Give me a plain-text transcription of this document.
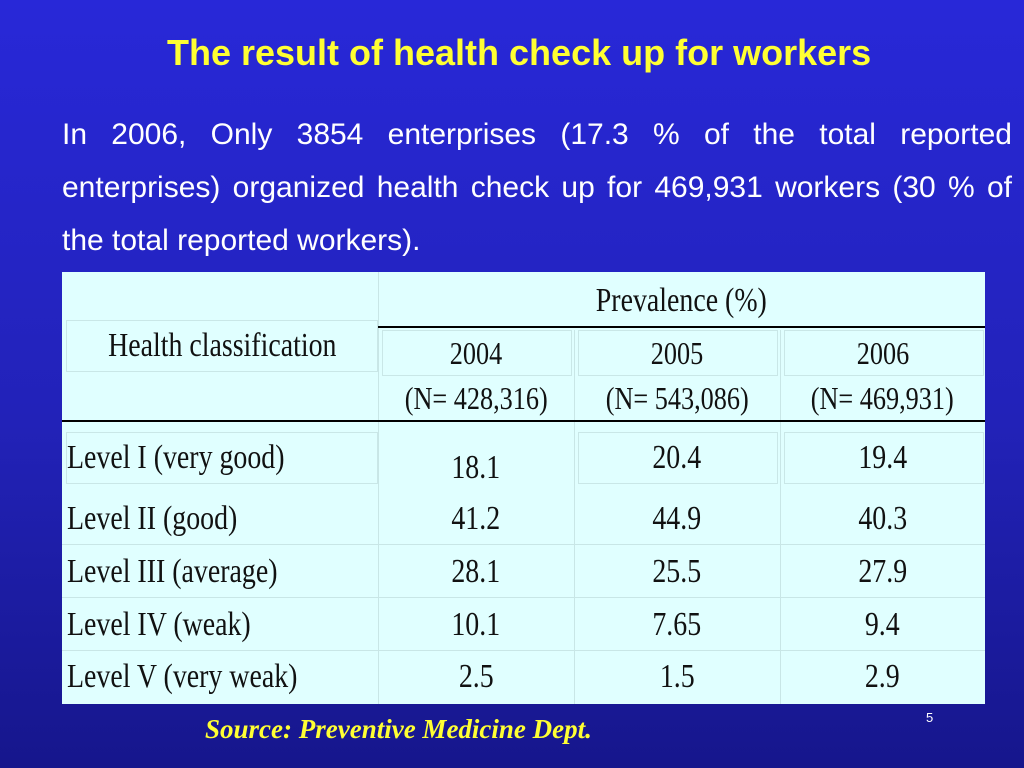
The result of health check up for workers

In 2006, Only 3854 enterprises (17.3 % of the total reported enterprises) organized health check up for 469,931 workers (30 % of the total reported workers).

Health classification
Prevalence (%)
2004	2005	2006
(N= 428,316) (N= 543,086) (N= 469,931)
Level I (very good)	18.1	20.4	19.4
Level II (good)	41.2	44.9	40.3
Level III (average)	28.1	25.5	27.9
Level IV (weak)	10.1	7.65	9.4
Level V (very weak)	2.5	1.5	2.9

Source: Preventive Medicine Dept.	5
